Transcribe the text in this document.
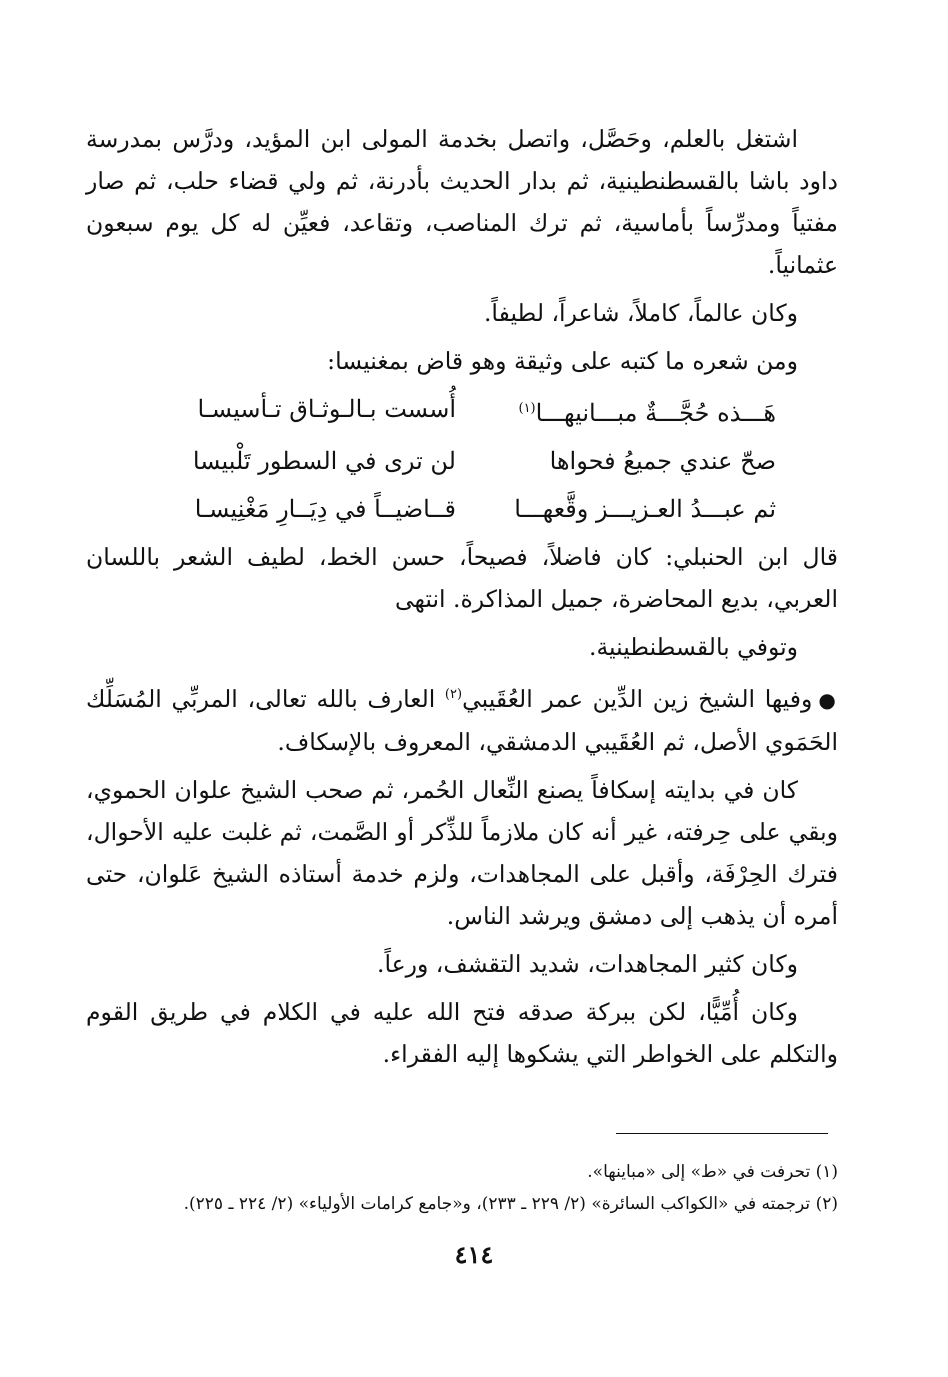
اشتغل بالعلم، وحَصَّل، واتصل بخدمة المولى ابن المؤيد، ودرَّس بمدرسة داود باشا بالقسطنطينية، ثم بدار الحديث بأدرنة، ثم ولي قضاء حلب، ثم صار مفتياً ومدرِّساً بأماسية، ثم ترك المناصب، وتقاعد، فعيِّن له كل يوم سبعون عثمانياً.

وكان عالماً، كاملاً، شاعراً، لطيفاً.

ومن شعره ما كتبه على وثيقة وهو قاض بمغنيسا:

هَـــذه حُجَّـــةٌ مبـــانيهـــا$^{(١)}$
أُسست بـالـوثـاق تـأسيسـا
صحّ عندي جميعُ فحواها
لن ترى في السطور تَلْبيسا
ثم عبـــدُ العـزيـــز وقَّعهـــا
قــاضيــاً في دِيَــارِ مَغْنِيسـا

قال ابن الحنبلي: كان فاضلاً، فصيحاً، حسن الخط، لطيف الشعر باللسان العربي، بديع المحاضرة، جميل المذاكرة. انتهى

وتوفي بالقسطنطينية.

●وفيها الشيخ زين الدِّين عمر العُقَيبي$^{(٢)}$ العارف بالله تعالى، المربِّي المُسَلِّك الحَمَوي الأصل، ثم العُقَيبي الدمشقي، المعروف بالإسكاف.

كان في بدايته إسكافاً يصنع النِّعال الحُمر، ثم صحب الشيخ علوان الحموي، وبقي على حِرفته، غير أنه كان ملازماً للذِّكر أو الصَّمت، ثم غلبت عليه الأحوال، فترك الحِرْفَة، وأقبل على المجاهدات، ولزم خدمة أستاذه الشيخ عَلوان، حتى أمره أن يذهب إلى دمشق ويرشد الناس.

وكان كثير المجاهدات، شديد التقشف، ورعاً.

وكان أُمِّيًّا، لكن ببركة صدقه فتح الله عليه في الكلام في طريق القوم والتكلم على الخواطر التي يشكوها إليه الفقراء.

(١) تحرفت في «ط» إلى «مباينها».

(٢) ترجمته في «الكواكب السائرة» (٢/ ٢٢٩ ـ ٢٣٣)، و«جامع كرامات الأولياء» (٢/ ٢٢٤ ـ ٢٢٥).

٤١٤
